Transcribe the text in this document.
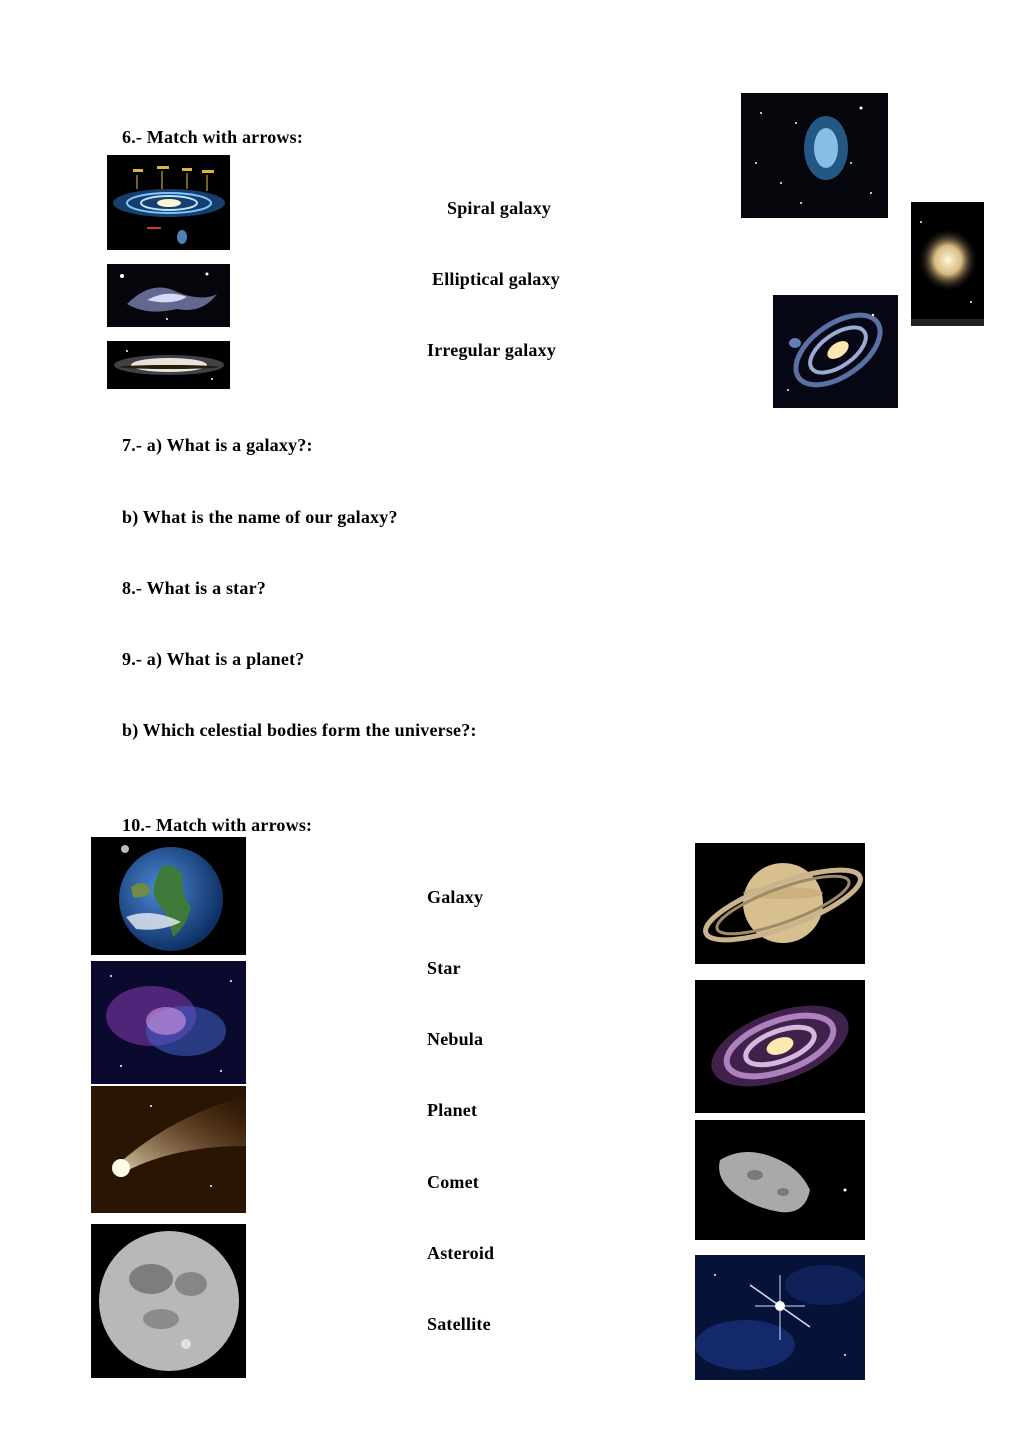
6.- Match with arrows:
Spiral galaxy
Elliptical galaxy
Irregular galaxy
7.- a) What is a galaxy?:
b) What is the name of our galaxy?
8.- What is a star?
9.- a) What is a planet?
b) Which celestial bodies form the universe?:
10.- Match with arrows:
Galaxy
Star
Nebula
Planet
Comet
Asteroid
Satellite
